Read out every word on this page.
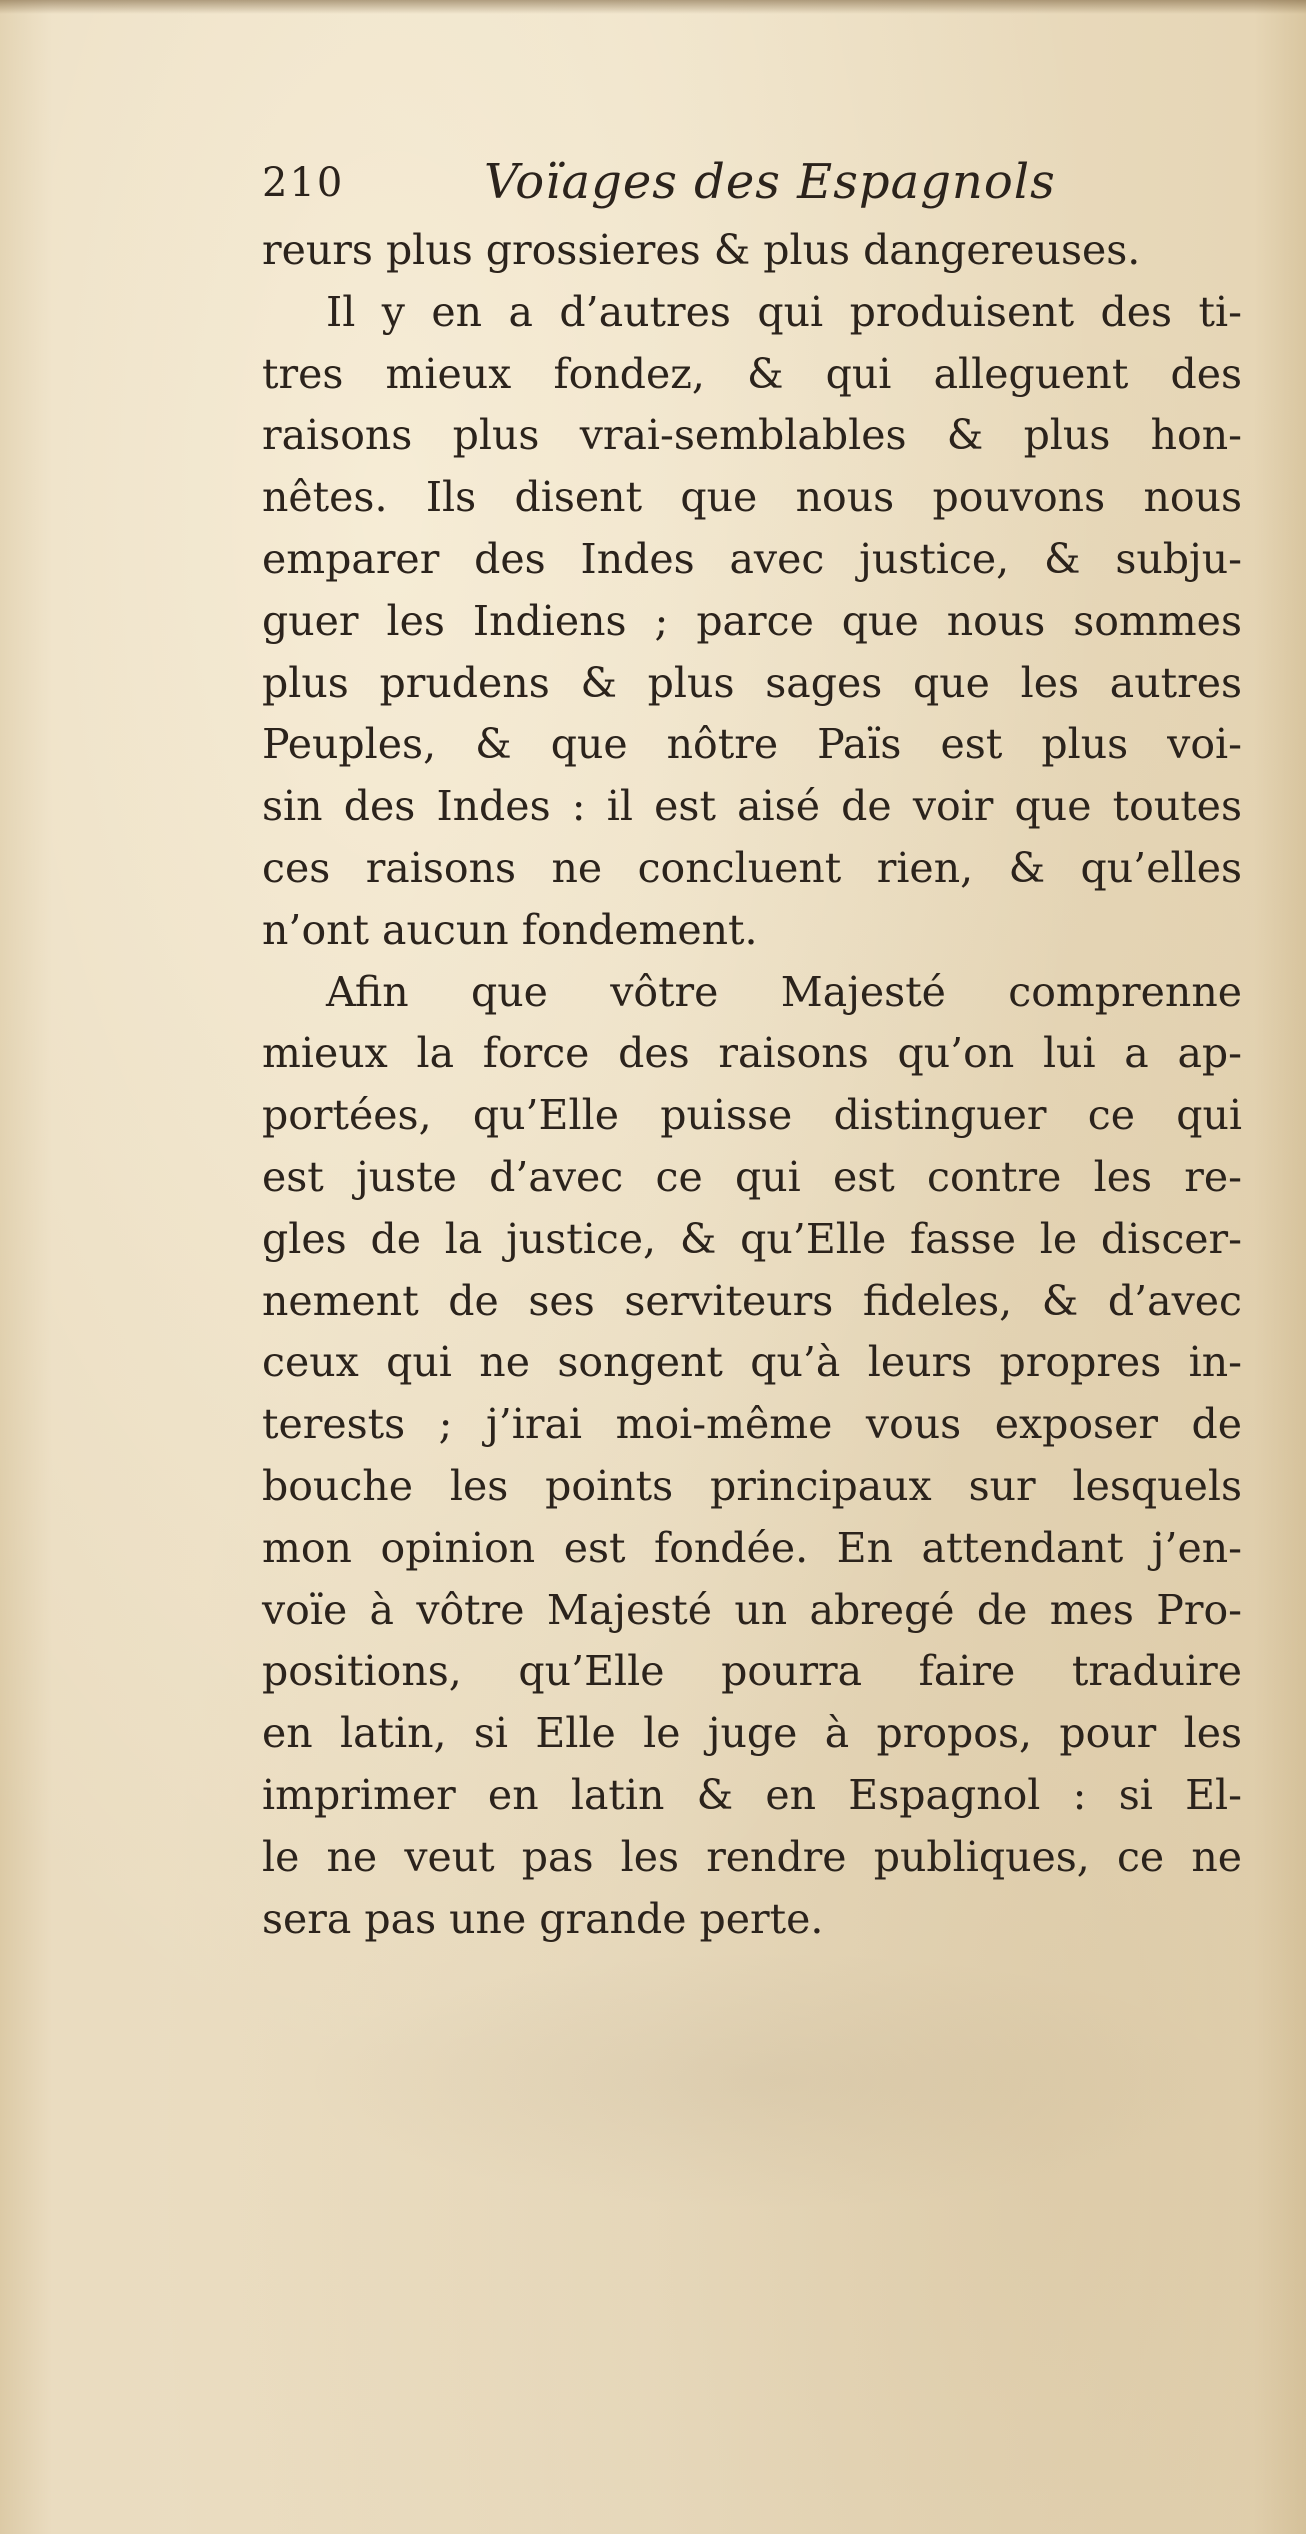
210	Voïages des Espagnols
reurs plus grossieres & plus dangereuses.
Il y en a d’autres qui produisent des ti-
tres mieux fondez, & qui alleguent des
raisons plus vrai-semblables & plus hon-
nêtes. Ils disent que nous pouvons nous
emparer des Indes avec justice, & subju-
guer les Indiens ; parce que nous sommes
plus prudens & plus sages que les autres
Peuples, & que nôtre Païs est plus voi-
sin des Indes : il est aisé de voir que toutes
ces raisons ne concluent rien, & qu’elles
n’ont aucun fondement.
Afin que vôtre Majesté comprenne
mieux la force des raisons qu’on lui a ap-
portées, qu’Elle puisse distinguer ce qui
est juste d’avec ce qui est contre les re-
gles de la justice, & qu’Elle fasse le discer-
nement de ses serviteurs fideles, & d’avec
ceux qui ne songent qu’à leurs propres in-
terests ; j’irai moi-même vous exposer de
bouche les points principaux sur lesquels
mon opinion est fondée. En attendant j’en-
voïe à vôtre Majesté un abregé de mes Pro-
positions, qu’Elle pourra faire traduire
en latin, si Elle le juge à propos, pour les
imprimer en latin & en Espagnol : si El-
le ne veut pas les rendre publiques, ce ne
sera pas une grande perte.
